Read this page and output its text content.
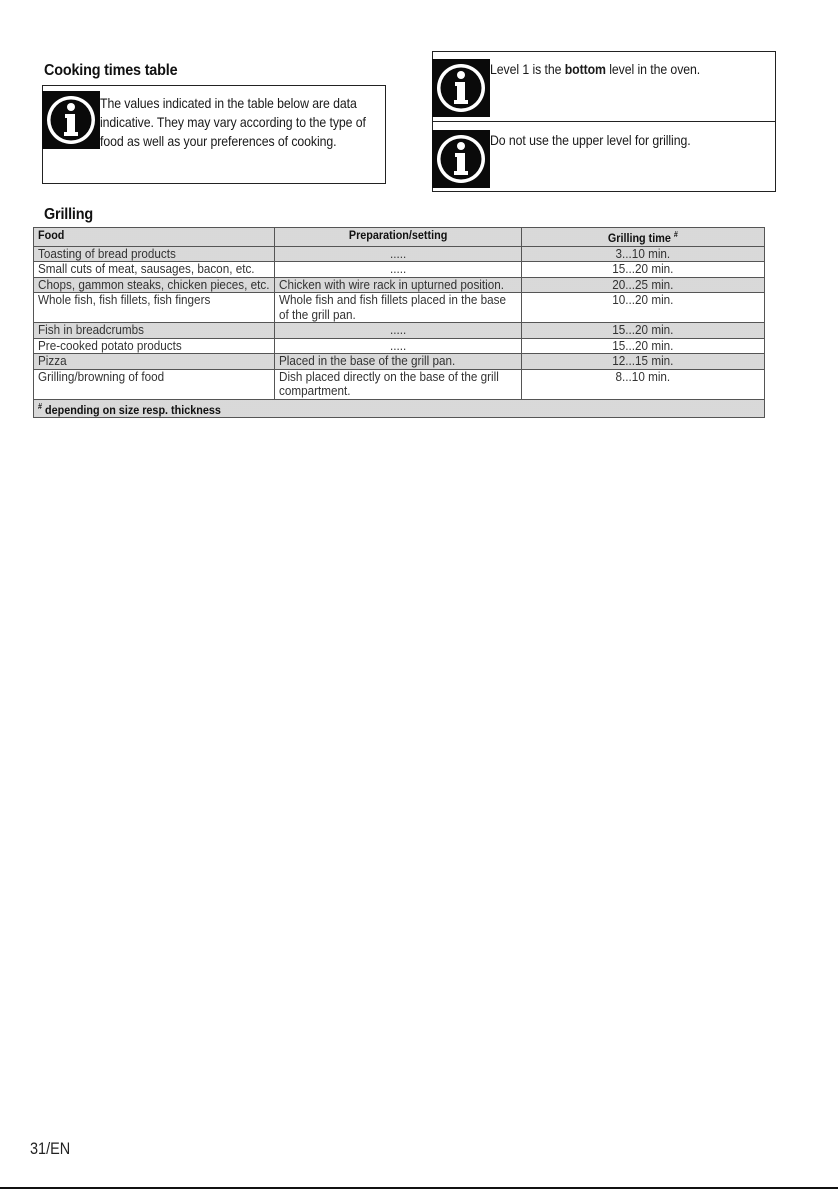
Cooking times table
The values indicated in the table below are data indicative. They may vary according to the type of food as well as your preferences of cooking.
Level 1 is the bottom level in the oven.
Do not use the upper level for grilling.
Grilling
Food	Preparation/setting	Grilling time #

Toasting of bread products	.....	3...10 min.

Small cuts of meat, sausages, bacon, etc.	.....	15...20 min.

Chops, gammon steaks, chicken pieces, etc.	Chicken with wire rack in upturned position.	20...25 min.

Whole fish, fish fillets, fish fingers	Whole fish and fish fillets placed in the base of the grill pan.	10...20 min.

Fish in breadcrumbs	.....	15...20 min.

Pre-cooked potato products	.....	15...20 min.

Pizza	Placed in the base of the grill pan.	12...15 min.

Grilling/browning of food	Dish placed directly on the base of the grill compartment.	8...10 min.

# depending on size resp. thickness		
31/EN
